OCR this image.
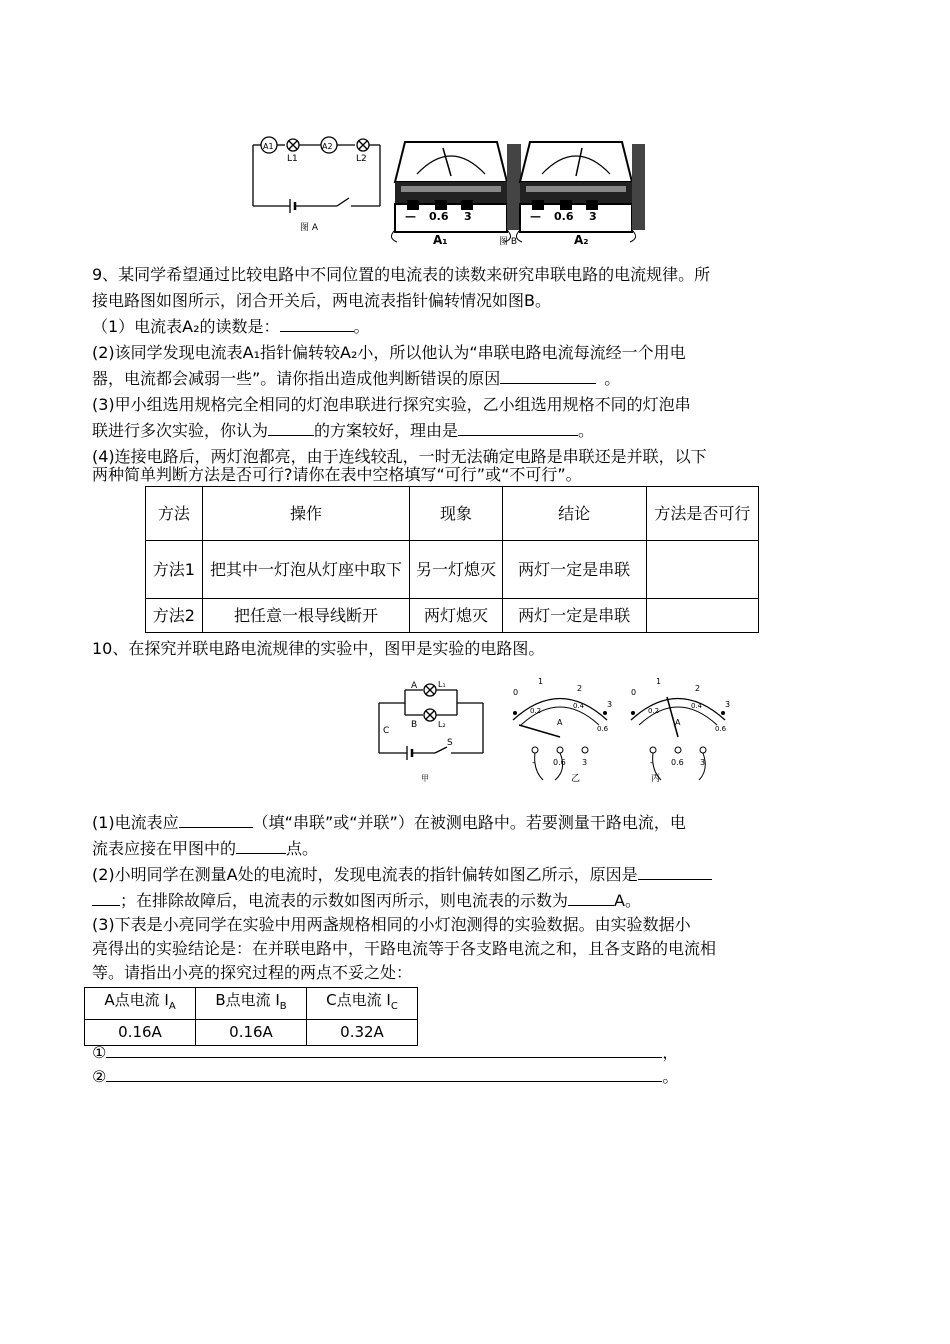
A1
L1
A2
L2
图 A
— 0.6 3
A₁	图 B
— 0.6 3
A₂
9、某同学希望通过比较电路中不同位置的电流表的读数来研究串联电路的电流规律。所
接电路图如图所示，闭合开关后，两电流表指针偏转情况如图B。
（1）电流表A₂的读数是：	。
(2)该同学发现电流表A₁指针偏转较A₂小，所以他认为“串联电路电流每流经一个用电
器，电流都会减弱一些”。请你指出造成他判断错误的原因	。
(3)甲小组选用规格完全相同的灯泡串联进行探究实验，乙小组选用规格不同的灯泡串
联进行多次实验，你认为	的方案较好，理由是	。
(4)连接电路后，两灯泡都亮，由于连线较乱，一时无法确定电路是串联还是并联，以下
两种简单判断方法是否可行?请你在表中空格填写“可行”或“不可行”。
方法	操作	现象	结论	方法是否可行
方法1	把其中一灯泡从灯座中取下	另一灯熄灭	两灯一定是串联	
方法2	把任意一根导线断开	两灯熄灭	两灯一定是串联	
10、在探究并联电路电流规律的实验中，图甲是实验的电路图。
A
B
C
S
L₁
L₂
甲
0
1
2
3
0.2
0.4
0.6
A
- 0.6 3
乙
0
1
2
3
0.2
0.4
0.6
A
- 0.6 3
丙
(1)电流表应	（填“串联”或“并联”）在被测电路中。若要测量干路电流，电
流表应接在甲图中的	点。
(2)小明同学在测量A处的电流时，发现电流表的指针偏转如图乙所示，原因是
；在排除故障后，电流表的示数如图丙所示，则电流表的示数为	A。
(3)下表是小亮同学在实验中用两盏规格相同的小灯泡测得的实验数据。由实验数据小
亮得出的实验结论是：在并联电路中，干路电流等于各支路电流之和，且各支路的电流相
等。请指出小亮的探究过程的两点不妥之处：
A点电流 $I_A$	B点电流 $I_B$	C点电流 $I_C$
0.16A	0.16A	0.32A
①	，
②	。
